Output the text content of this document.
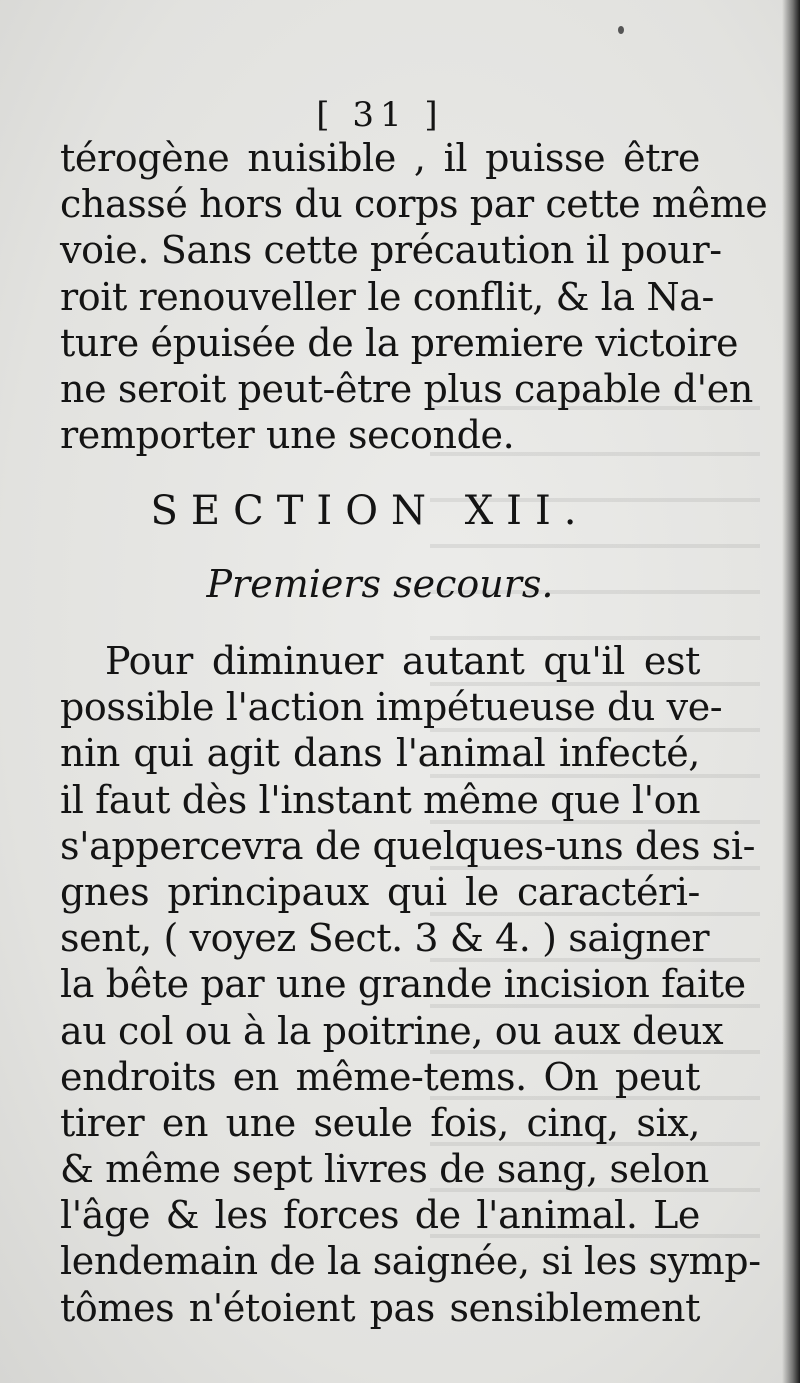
[ 31 ]
térogène nuisible , il puisse être
chassé hors du corps par cette même
voie. Sans cette précaution il pour-
roit renouveller le conflit, & la Na-
ture épuisée de la premiere victoire
ne seroit peut-être plus capable d'en
remporter une seconde.
SECTION XII.
Premiers secours.
Pour diminuer autant qu'il est
possible l'action impétueuse du ve-
nin qui agit dans l'animal infecté,
il faut dès l'instant même que l'on
s'appercevra de quelques-uns des si-
gnes principaux qui le caractéri-
sent, ( voyez Sect. 3 & 4. ) saigner
la bête par une grande incision faite
au col ou à la poitrine, ou aux deux
endroits en même-tems. On peut
tirer en une seule fois, cinq, six,
& même sept livres de sang, selon
l'âge & les forces de l'animal. Le
lendemain de la saignée, si les symp-
tômes n'étoient pas sensiblement
